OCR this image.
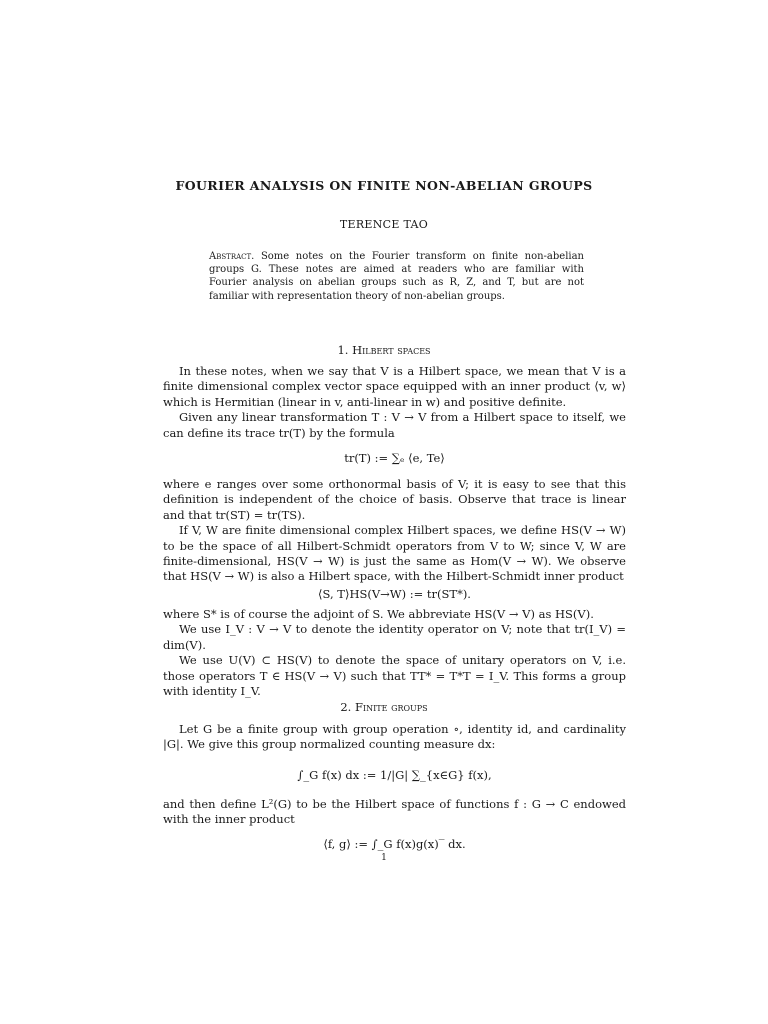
FOURIER ANALYSIS ON FINITE NON-ABELIAN GROUPS
TERENCE TAO
Abstract. Some notes on the Fourier transform on finite non-abelian groups G. These notes are aimed at readers who are familiar with Fourier analysis on abelian groups such as R, Z, and T, but are not familiar with representation theory of non-abelian groups.
1. Hilbert spaces

In these notes, when we say that V is a Hilbert space, we mean that V is a finite dimensional complex vector space equipped with an inner product ⟨v, w⟩ which is Hermitian (linear in v, anti-linear in w) and positive definite.

Given any linear transformation T : V → V from a Hilbert space to itself, we can define its trace tr(T) by the formula

tr(T) := ∑ₑ ⟨e, Te⟩

where e ranges over some orthonormal basis of V; it is easy to see that this definition is independent of the choice of basis. Observe that trace is linear and that tr(ST) = tr(TS).

If V, W are finite dimensional complex Hilbert spaces, we define HS(V → W) to be the space of all Hilbert-Schmidt operators from V to W; since V, W are finite-dimensional, HS(V → W) is just the same as Hom(V → W). We observe that HS(V → W) is also a Hilbert space, with the Hilbert-Schmidt inner product

⟨S, T⟩HS(V→W) := tr(ST*).

where S* is of course the adjoint of S. We abbreviate HS(V → V) as HS(V).

We use I_V : V → V to denote the identity operator on V; note that tr(I_V) = dim(V).

We use U(V) ⊂ HS(V) to denote the space of unitary operators on V, i.e. those operators T ∈ HS(V → V) such that TT* = T*T = I_V. This forms a group with identity I_V.

2. Finite groups

Let G be a finite group with group operation ∘, identity id, and cardinality |G|. We give this group normalized counting measure dx:

∫_G f(x) dx := 1/|G| ∑_{x∈G} f(x),

and then define L²(G) to be the Hilbert space of functions f : G → C endowed with the inner product

⟨f, g⟩ := ∫_G f(x)g(x)‾ dx.
1
